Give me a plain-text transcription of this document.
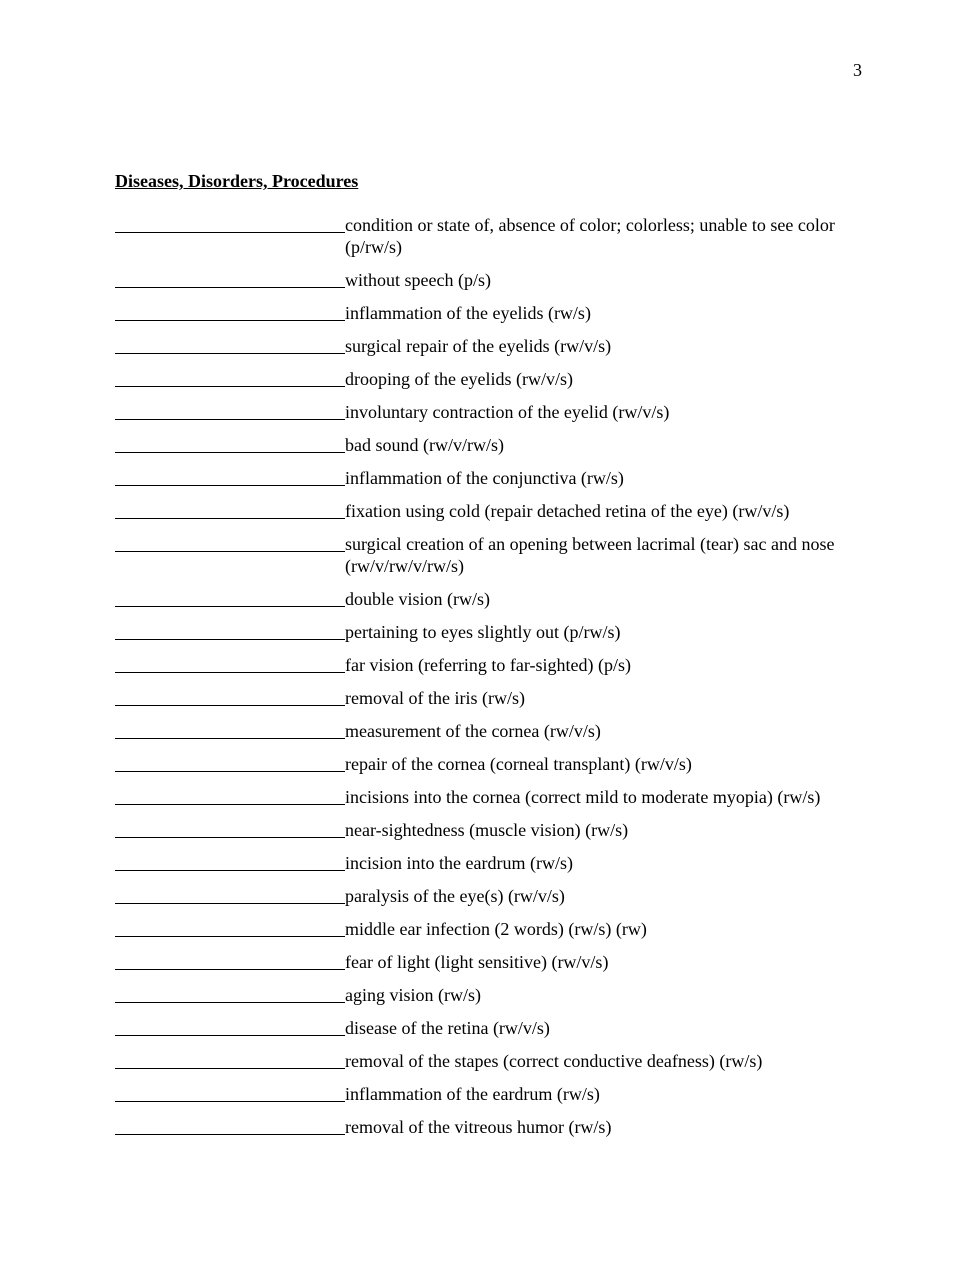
3
Diseases, Disorders, Procedures
condition or state of, absence of color; colorless; unable to see color (p/rw/s)
without speech (p/s)
inflammation of the eyelids (rw/s)
surgical repair of the eyelids (rw/v/s)
drooping of the eyelids (rw/v/s)
involuntary contraction of the eyelid (rw/v/s)
bad sound (rw/v/rw/s)
inflammation of the conjunctiva (rw/s)
fixation using cold (repair detached retina of the eye) (rw/v/s)
surgical creation of an opening between lacrimal (tear) sac and nose (rw/v/rw/v/rw/s)
double vision (rw/s)
pertaining to eyes slightly out (p/rw/s)
far vision (referring to far-sighted) (p/s)
removal of the iris (rw/s)
measurement of the cornea (rw/v/s)
repair of the cornea (corneal transplant) (rw/v/s)
incisions into the cornea (correct mild to moderate myopia) (rw/s)
near-sightedness (muscle vision) (rw/s)
incision into the eardrum (rw/s)
paralysis of the eye(s) (rw/v/s)
middle ear infection (2 words) (rw/s) (rw)
fear of light (light sensitive) (rw/v/s)
aging vision (rw/s)
disease of the retina (rw/v/s)
removal of the stapes (correct conductive deafness) (rw/s)
inflammation of the eardrum (rw/s)
removal of the vitreous humor (rw/s)
